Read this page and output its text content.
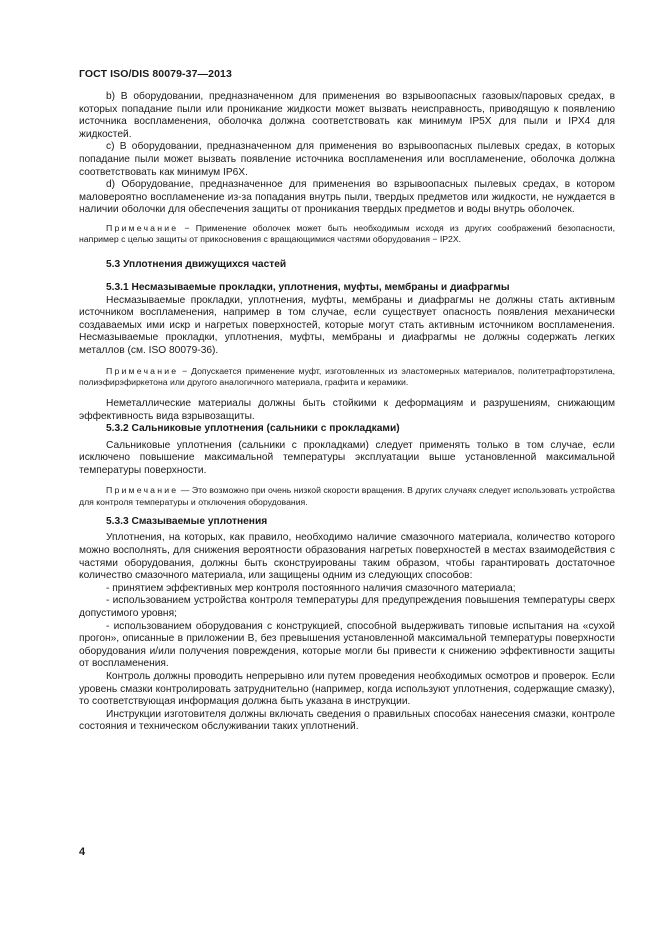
ГОСТ ISO/DIS 80079-37—2013

b) В оборудовании, предназначенном для применения во взрывоопасных газовых/паровых средах, в которых попадание пыли или проникание жидкости может вызвать неисправность, приводящую к появлению источника воспламенения, оболочка должна соответствовать как минимум IP5X для пыли и IPX4 для жидкостей.

c) В оборудовании, предназначенном для применения во взрывоопасных пылевых средах, в которых попадание пыли может вызвать появление источника воспламенения или воспламенение, оболочка должна соответствовать как минимум IP6X.

d) Оборудование, предназначенное для применения во взрывоопасных пылевых средах, в котором маловероятно воспламенение из-за попадания внутрь пыли, твердых предметов или жидкости, не нуждается в наличии оболочки для обеспечения защиты от проникания твердых предметов и воды внутрь оболочек.

Примечание − Применение оболочек может быть необходимым исходя из других соображений безопасности, например с целью защиты от прикосновения с вращающимися частями оборудования − IP2X.

5.3 Уплотнения движущихся частей

5.3.1 Несмазываемые прокладки, уплотнения, муфты, мембраны и диафрагмы

Несмазываемые прокладки, уплотнения, муфты, мембраны и диафрагмы не должны стать активным источником воспламенения, например в том случае, если существует опасность появления механически создаваемых ими искр и нагретых поверхностей, которые могут стать активным источником воспламенения. Несмазываемые прокладки, уплотнения, муфты, мембраны и диафрагмы не должны содержать легких металлов (см. ISO 80079-36).

Примечание − Допускается применение муфт, изготовленных из эластомерных материалов, политетрафторэтилена, полиэфирэфиркетона или другого аналогичного материала, графита и керамики.

Неметаллические материалы должны быть стойкими к деформациям и разрушениям, снижающим эффективность вида взрывозащиты.

5.3.2 Сальниковые уплотнения (сальники с прокладками)

Сальниковые уплотнения (сальники с прокладками) следует применять только в том случае, если исключено повышение максимальной температуры эксплуатации выше установленной максимальной температуры поверхности.

Примечание — Это возможно при очень низкой скорости вращения. В других случаях следует использовать устройства для контроля температуры и отключения оборудования.

5.3.3 Смазываемые уплотнения

Уплотнения, на которых, как правило, необходимо наличие смазочного материала, количество которого можно восполнять, для снижения вероятности образования нагретых поверхностей в местах взаимодействия с частями оборудования, должны быть сконструированы таким образом, чтобы гарантировать достаточное количество смазочного материала, или защищены одним из следующих способов:

- принятием эффективных мер контроля постоянного наличия смазочного материала;

- использованием устройства контроля температуры для предупреждения повышения температуры сверх допустимого уровня;

- использованием оборудования с конструкцией, способной выдерживать типовые испытания на «сухой прогон», описанные в приложении В, без превышения установленной максимальной температуры поверхности оборудования и/или получения повреждения, которые могли бы привести к снижению эффективности защиты от воспламенения.

Контроль должны проводить непрерывно или путем проведения необходимых осмотров и проверок. Если уровень смазки контролировать затруднительно (например, когда используют уплотнения, содержащие смазку), то соответствующая информация должна быть указана в инструкции.

Инструкции изготовителя должны включать сведения о правильных способах нанесения смазки, контроле состояния и техническом обслуживании таких уплотнений.

4
